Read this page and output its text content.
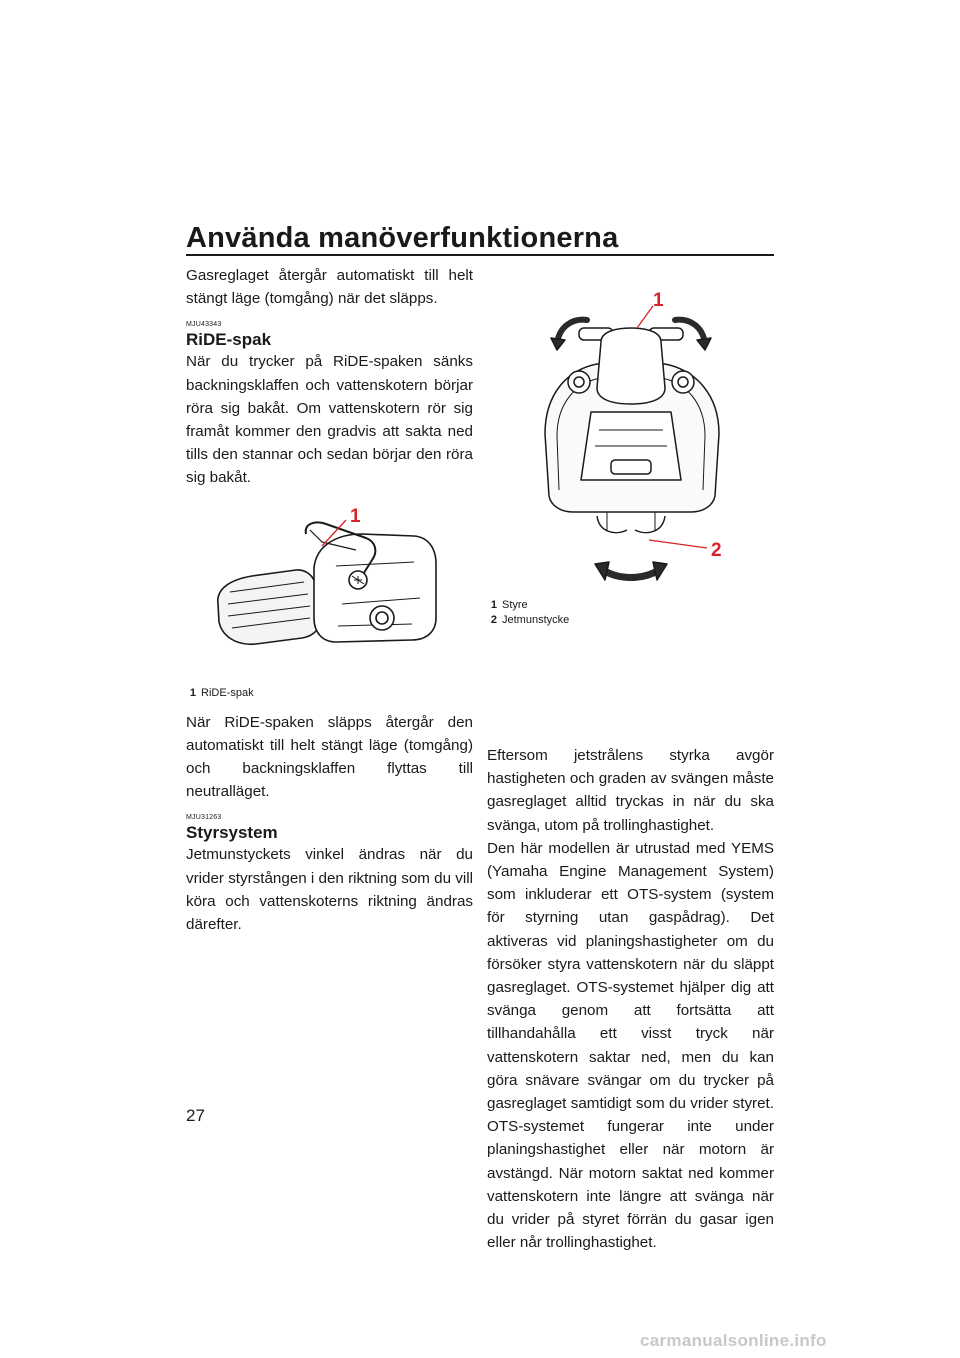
Använda manöverfunktionerna

Gasreglaget återgår automatiskt till helt stängt läge (tomgång) när det släpps.

MJU43343
RiDE-spak

När du trycker på RiDE-spaken sänks backningsklaffen och vattenskotern börjar röra sig bakåt. Om vattenskotern rör sig framåt kommer den gradvis att sakta ned tills den stannar och sedan börjar den röra sig bakåt.

1
1 RiDE-spak

När RiDE-spaken släpps återgår den automatiskt till helt stängt läge (tomgång) och backningsklaffen flyttas till neutralläget.

MJU31263
Styrsystem

Jetmunstyckets vinkel ändras när du vrider styrstången i den riktning som du vill köra och vattenskoterns riktning ändras därefter.

1
2
1 Styre
2 Jetmunstycke

Eftersom jetstrålens styrka avgör hastigheten och graden av svängen måste gasreglaget alltid tryckas in när du ska svänga, utom på trollinghastighet.

Den här modellen är utrustad med YEMS (Yamaha Engine Management System) som inkluderar ett OTS-system (system för styrning utan gaspådrag). Det aktiveras vid planingshastigheter om du försöker styra vattenskotern när du släppt gasreglaget. OTS-systemet hjälper dig att svänga genom att fortsätta att tillhandahålla ett visst tryck när vattenskotern saktar ned, men du kan göra snävare svängar om du trycker på gasreglaget samtidigt som du vrider styret. OTS-systemet fungerar inte under planingshastighet eller när motorn är avstängd. När motorn saktat ned kommer vattenskotern inte längre att svänga när du vrider på styret förrän du gasar igen eller når trollinghastighet.

27
carmanualsonline.info
